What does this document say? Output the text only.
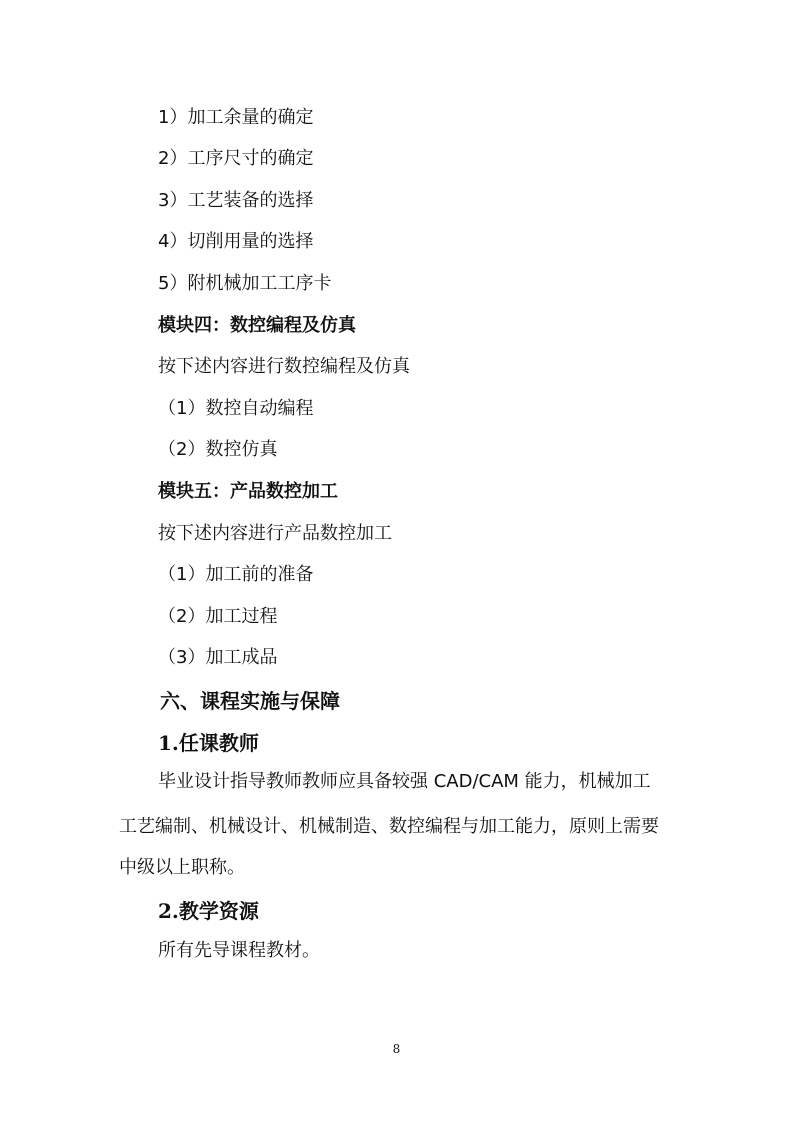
1）加工余量的确定
2）工序尺寸的确定
3）工艺装备的选择
4）切削用量的选择
5）附机械加工工序卡
模块四：数控编程及仿真
按下述内容进行数控编程及仿真
（1）数控自动编程
（2）数控仿真
模块五：产品数控加工
按下述内容进行产品数控加工
（1）加工前的准备
（2）加工过程
（3）加工成品
六、课程实施与保障
1.任课教师
毕业设计指导教师教师应具备较强 CAD/CAM 能力，机械加工
工艺编制、机械设计、机械制造、数控编程与加工能力，原则上需要
中级以上职称。
2.教学资源
所有先导课程教材。
8
